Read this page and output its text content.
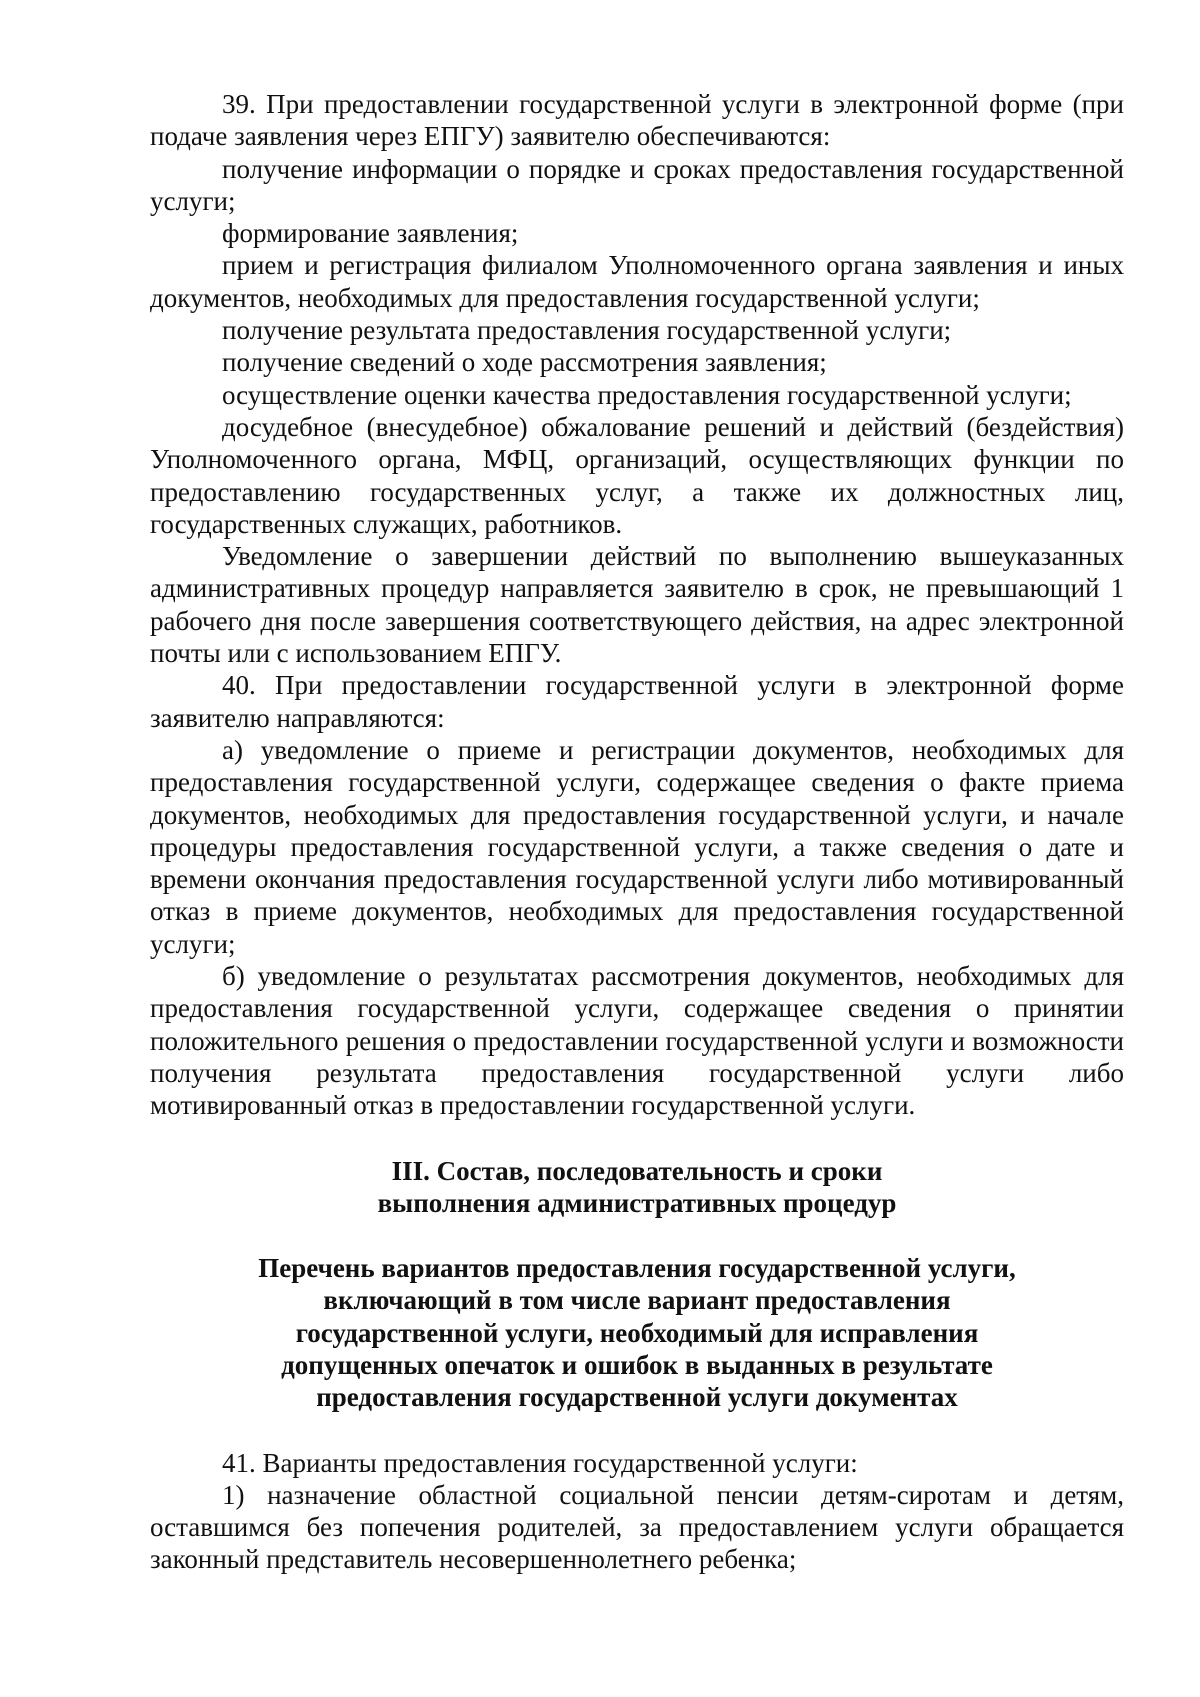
39. При предоставлении государственной услуги в электронной форме (при подаче заявления через ЕПГУ) заявителю обеспечиваются:

получение информации о порядке и сроках предоставления государственной услуги;

формирование заявления;

прием и регистрация филиалом Уполномоченного органа заявления и иных документов, необходимых для предоставления государственной услуги;

получение результата предоставления государственной услуги;

получение сведений о ходе рассмотрения заявления;

осуществление оценки качества предоставления государственной услуги;

досудебное (внесудебное) обжалование решений и действий (бездействия) Уполномоченного органа, МФЦ, организаций, осуществляющих функции по предоставлению государственных услуг, а также их должностных лиц, государственных служащих, работников.

Уведомление о завершении действий по выполнению вышеуказанных административных процедур направляется заявителю в срок, не превышающий 1 рабочего дня после завершения соответствующего действия, на адрес электронной почты или с использованием ЕПГУ.

40. При предоставлении государственной услуги в электронной форме заявителю направляются:

а) уведомление о приеме и регистрации документов, необходимых для предоставления государственной услуги, содержащее сведения о факте приема документов, необходимых для предоставления государственной услуги, и начале процедуры предоставления государственной услуги, а также сведения о дате и времени окончания предоставления государственной услуги либо мотивированный отказ в приеме документов, необходимых для предоставления государственной услуги;

б) уведомление о результатах рассмотрения документов, необходимых для предоставления государственной услуги, содержащее сведения о принятии положительного решения о предоставлении государственной услуги и возможности получения результата предоставления государственной услуги либо мотивированный отказ в предоставлении государственной услуги.

III. Состав, последовательность и сроки
выполнения административных процедур
Перечень вариантов предоставления государственной услуги,
включающий в том числе вариант предоставления
государственной услуги, необходимый для исправления
допущенных опечаток и ошибок в выданных в результате
предоставления государственной услуги документах

41. Варианты предоставления государственной услуги:

1) назначение областной социальной пенсии детям-сиротам и детям, оставшимся без попечения родителей, за предоставлением услуги обращается законный представитель несовершеннолетнего ребенка;
